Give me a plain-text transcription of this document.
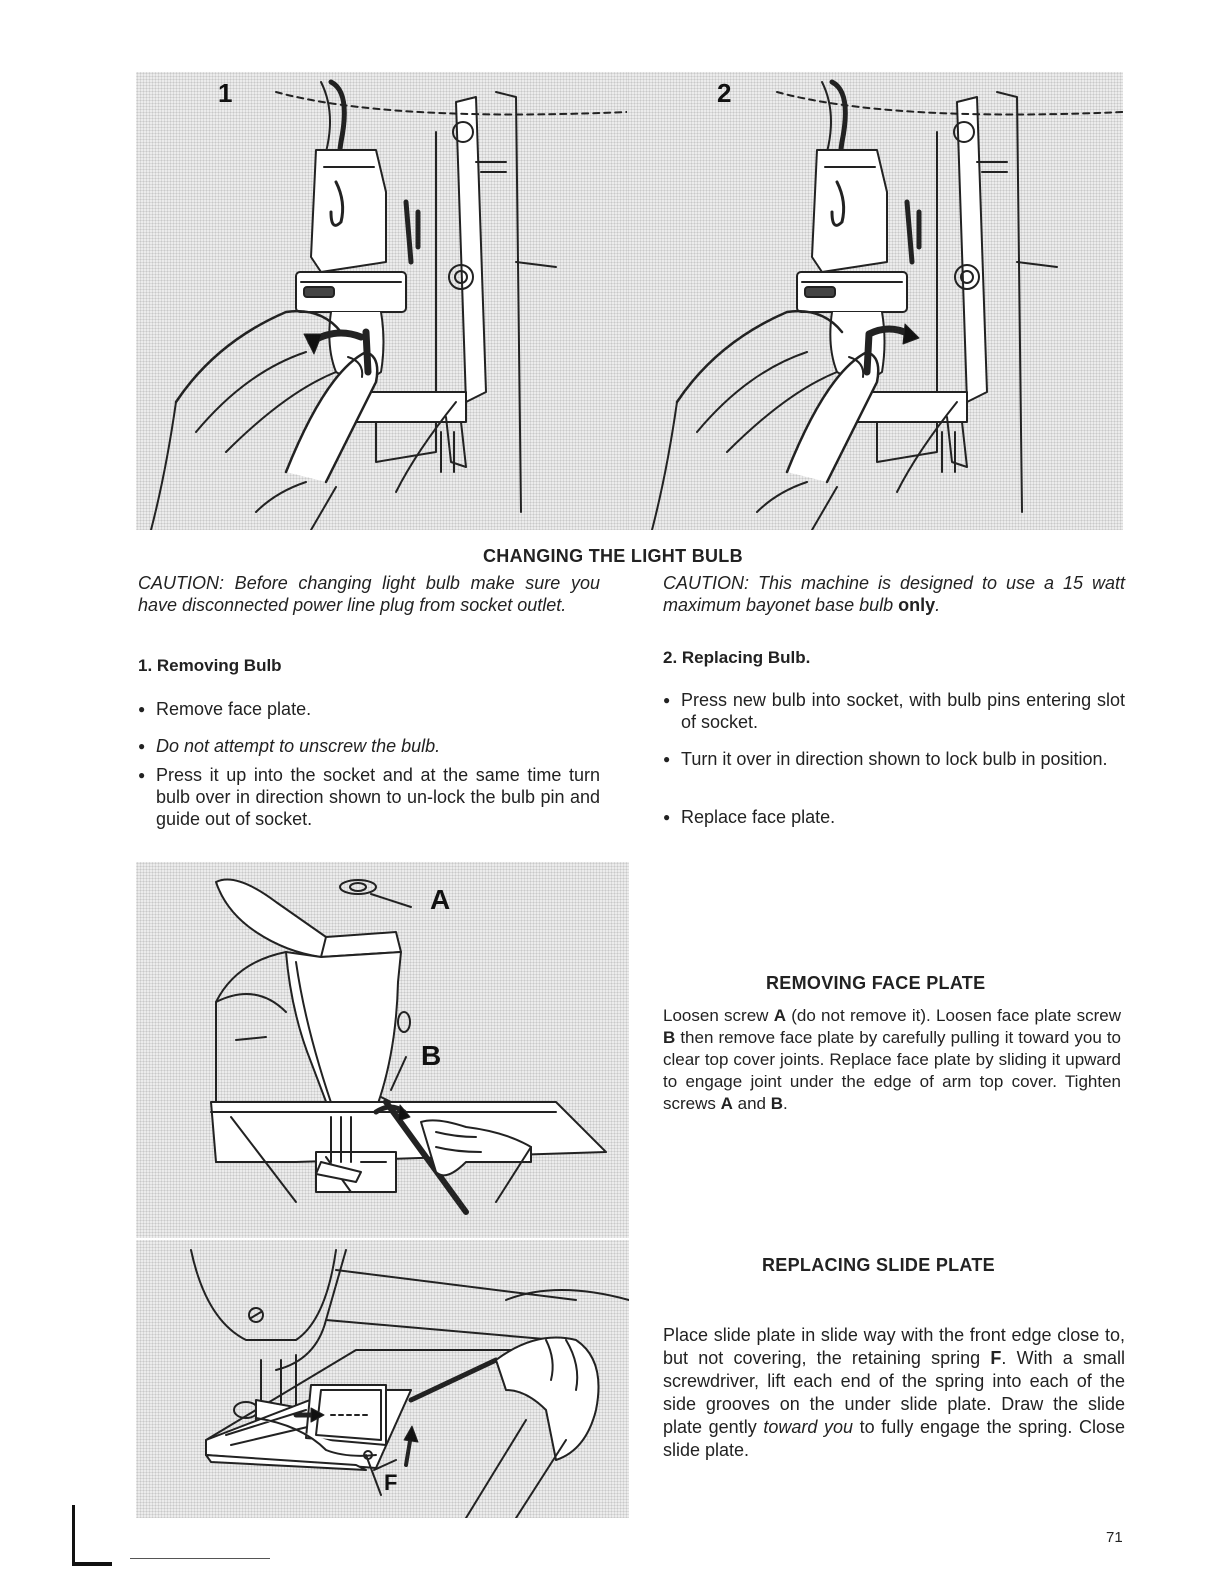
1	2
CHANGING THE LIGHT BULB

CAUTION: Before changing light bulb make sure you have disconnected power line plug from socket outlet.

CAUTION: This machine is designed to use a 15 watt maximum bayonet base bulb only.

1. Removing Bulb

● Remove face plate.

● Do not attempt to unscrew the bulb.

● Press it up into the socket and at the same time turn bulb over in direction shown to un-lock the bulb pin and guide out of socket.

2. Replacing Bulb.

● Press new bulb into socket, with bulb pins entering slot of socket.

● Turn it over in direction shown to lock bulb in position.

● Replace face plate.

A
B
F
REMOVING FACE PLATE

Loosen screw A (do not remove it). Loosen face plate screw B then remove face plate by carefully pulling it toward you to clear top cover joints. Replace face plate by sliding it upward to engage joint under the edge of arm top cover. Tighten screws A and B.

REPLACING SLIDE PLATE

Place slide plate in slide way with the front edge close to, but not covering, the retaining spring F. With a small screwdriver, lift each end of the spring into each of the side grooves on the under slide plate. Draw the slide plate gently toward you to fully engage the spring. Close slide plate.

71
